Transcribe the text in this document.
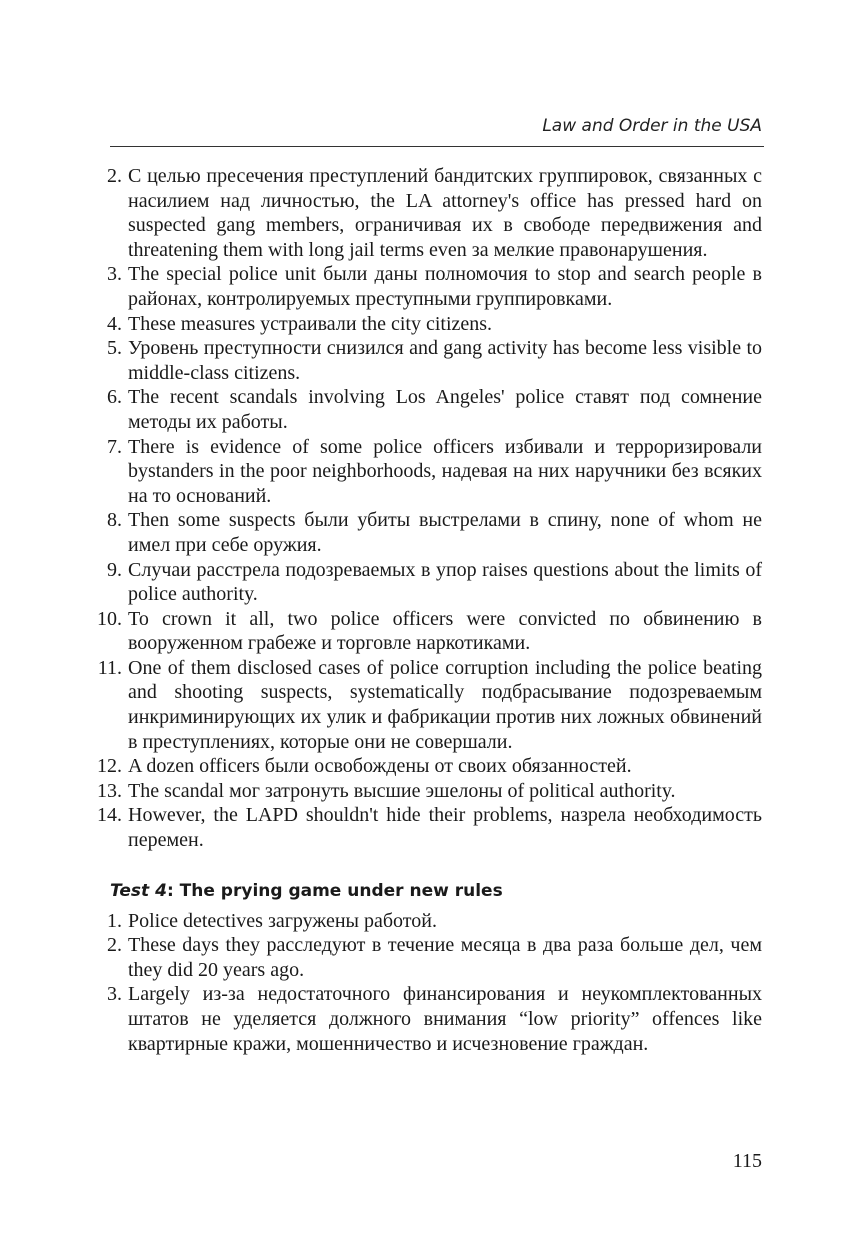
Law and Order in the USA
2. С целью пресечения преступлений бандитских группировок, связанных с насилием над личностью, the LA attorney's office has pressed hard on suspected gang members, ограничивая их в свободе передвижения and threatening them with long jail terms even за мелкие правонарушения.
3. The special police unit были даны полномочия to stop and search people в районах, контролируемых преступными группировками.
4. These measures устраивали the city citizens.
5. Уровень преступности снизился and gang activity has become less visible to middle-class citizens.
6. The recent scandals involving Los Angeles' police ставят под сомнение методы их работы.
7. There is evidence of some police officers избивали и терроризировали bystanders in the poor neighborhoods, надевая на них наручники без всяких на то оснований.
8. Then some suspects были убиты выстрелами в спину, none of whom не имел при себе оружия.
9. Случаи расстрела подозреваемых в упор raises questions about the limits of police authority.
10. To crown it all, two police officers were convicted по обвинению в вооруженном грабеже и торговле наркотиками.
11. One of them disclosed cases of police corruption including the police beating and shooting suspects, systematically подбрасывание подозреваемым инкриминирующих их улик и фабрикации против них ложных обвинений в преступлениях, которые они не совершали.
12. A dozen officers были освобождены от своих обязанностей.
13. The scandal мог затронуть высшие эшелоны of political authority.
14. However, the LAPD shouldn't hide their problems, назрела необходимость перемен.
Test 4: The prying game under new rules
1. Police detectives загружены работой.
2. These days they расследуют в течение месяца в два раза больше дел, чем they did 20 years ago.
3. Largely из-за недостаточного финансирования и неукомплектованных штатов не уделяется должного внимания “low priority” offences like квартирные кражи, мошенничество и исчезновение граждан.
115
